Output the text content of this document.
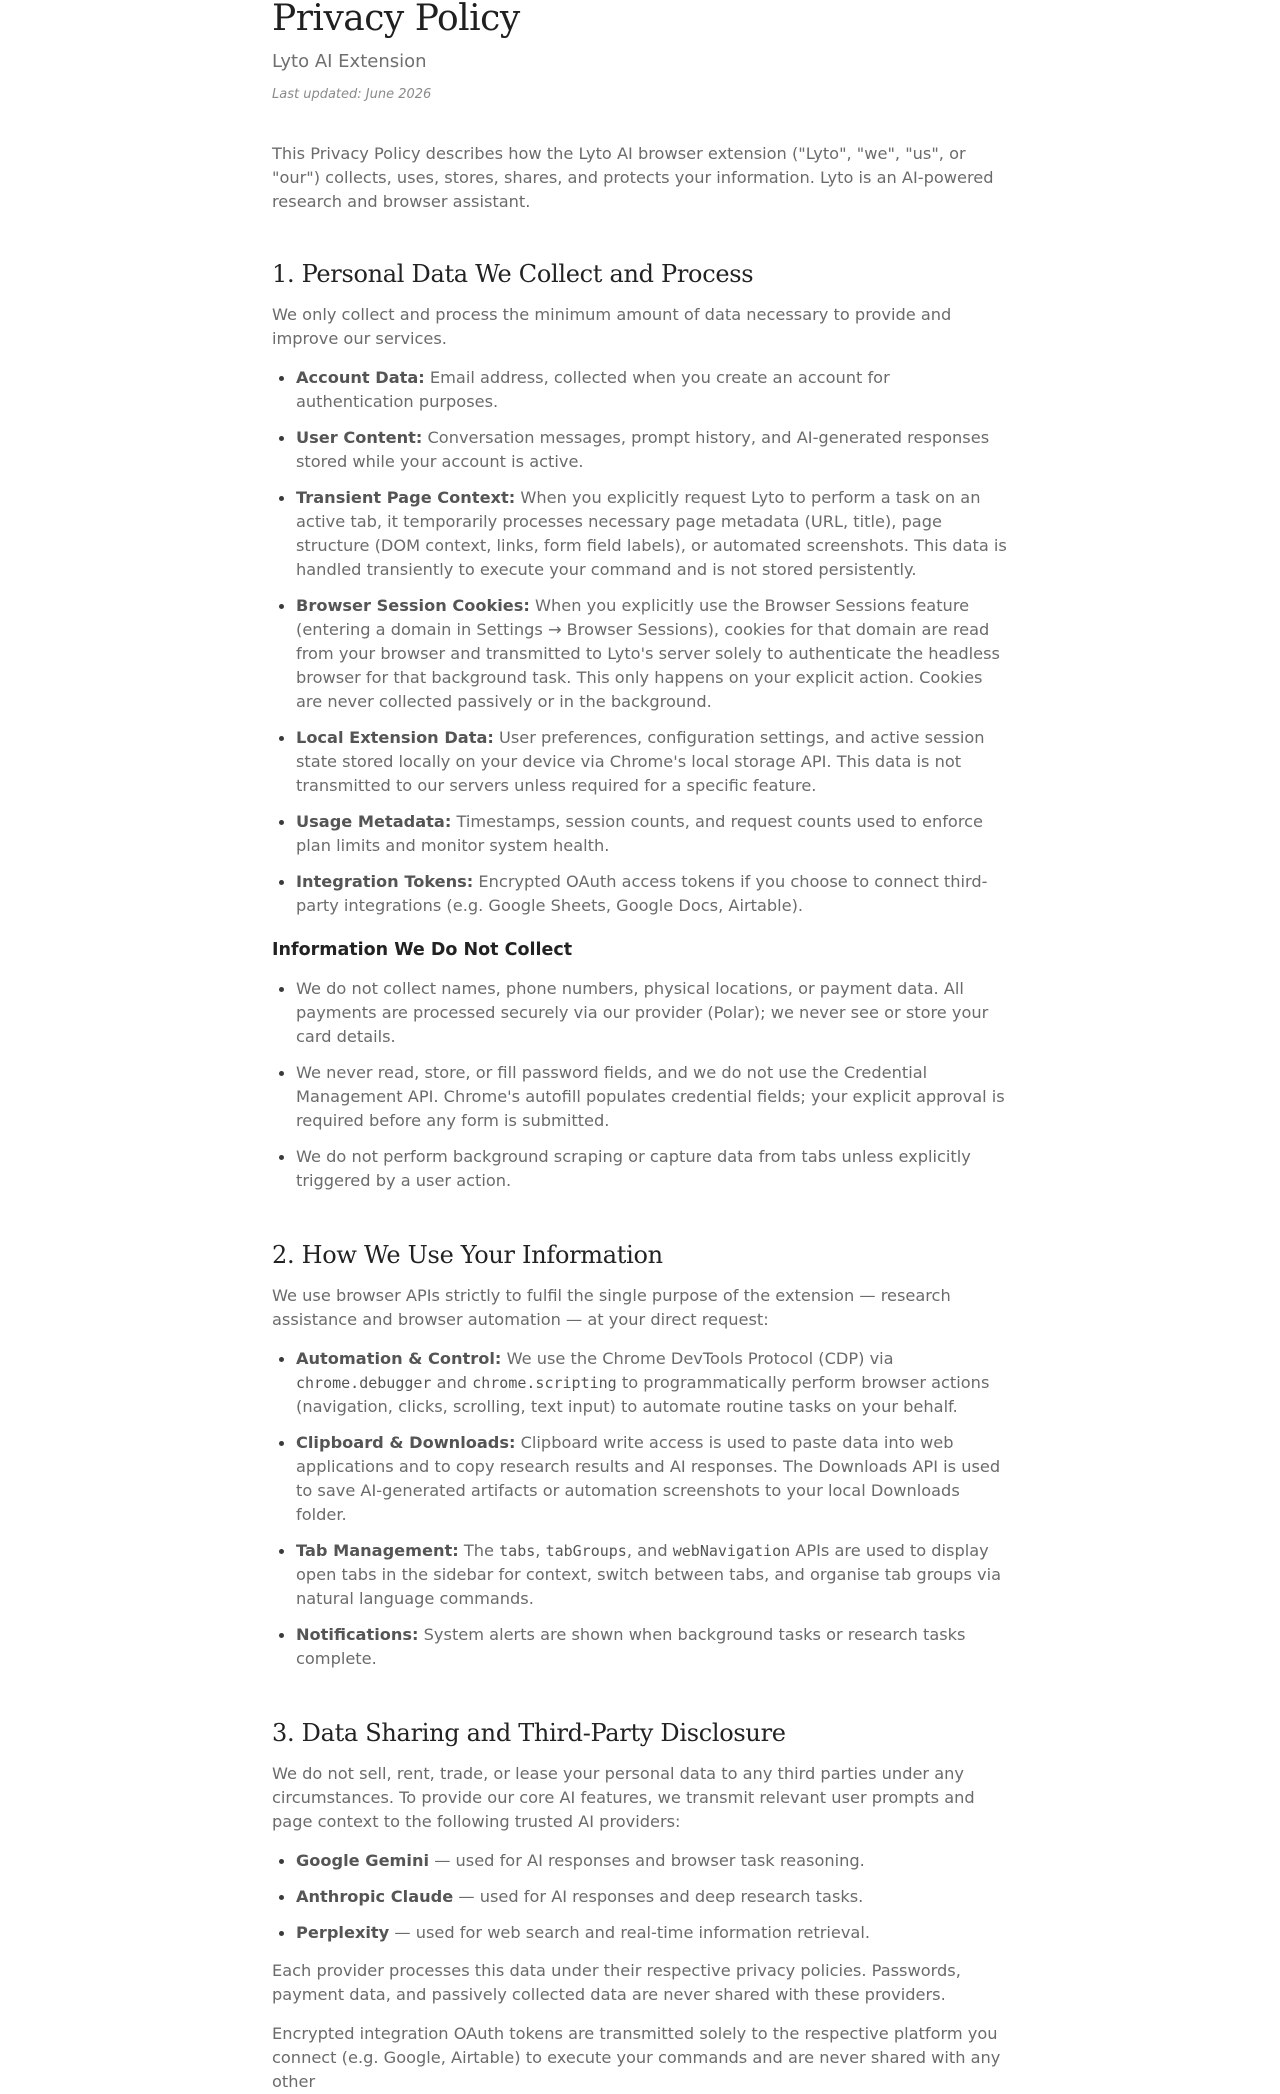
Privacy Policy

Lyto AI Extension

Last updated: June 2026

This Privacy Policy describes how the Lyto AI browser extension ("Lyto", "we", "us", or "our") collects, uses, stores, shares, and protects your information. Lyto is an AI-powered research and browser assistant.

1. Personal Data We Collect and Process

We only collect and process the minimum amount of data necessary to provide and improve our services.

Account Data: Email address, collected when you create an account for authentication purposes.
User Content: Conversation messages, prompt history, and AI-generated responses stored while your account is active.
Transient Page Context: When you explicitly request Lyto to perform a task on an active tab, it temporarily processes necessary page metadata (URL, title), page structure (DOM context, links, form field labels), or automated screenshots. This data is handled transiently to execute your command and is not stored persistently.
Browser Session Cookies: When you explicitly use the Browser Sessions feature (entering a domain in Settings → Browser Sessions), cookies for that domain are read from your browser and transmitted to Lyto's server solely to authenticate the headless browser for that background task. This only happens on your explicit action. Cookies are never collected passively or in the background.
Local Extension Data: User preferences, configuration settings, and active session state stored locally on your device via Chrome's local storage API. This data is not transmitted to our servers unless required for a specific feature.
Usage Metadata: Timestamps, session counts, and request counts used to enforce plan limits and monitor system health.
Integration Tokens: Encrypted OAuth access tokens if you choose to connect third-party integrations (e.g. Google Sheets, Google Docs, Airtable).
Information We Do Not Collect
We do not collect names, phone numbers, physical locations, or payment data. All payments are processed securely via our provider (Polar); we never see or store your card details.
We never read, store, or fill password fields, and we do not use the Credential Management API. Chrome's autofill populates credential fields; your explicit approval is required before any form is submitted.
We do not perform background scraping or capture data from tabs unless explicitly triggered by a user action.
2. How We Use Your Information

We use browser APIs strictly to fulfil the single purpose of the extension — research assistance and browser automation — at your direct request:

Automation & Control: We use the Chrome DevTools Protocol (CDP) via chrome.debugger and chrome.scripting to programmatically perform browser actions (navigation, clicks, scrolling, text input) to automate routine tasks on your behalf.
Clipboard & Downloads: Clipboard write access is used to paste data into web applications and to copy research results and AI responses. The Downloads API is used to save AI-generated artifacts or automation screenshots to your local Downloads folder.
Tab Management: The tabs, tabGroups, and webNavigation APIs are used to display open tabs in the sidebar for context, switch between tabs, and organise tab groups via natural language commands.
Notifications: System alerts are shown when background tasks or research tasks complete.
3. Data Sharing and Third-Party Disclosure

We do not sell, rent, trade, or lease your personal data to any third parties under any circumstances. To provide our core AI features, we transmit relevant user prompts and page context to the following trusted AI providers:

Google Gemini — used for AI responses and browser task reasoning.
Anthropic Claude — used for AI responses and deep research tasks.
Perplexity — used for web search and real-time information retrieval.

Each provider processes this data under their respective privacy policies. Passwords, payment data, and passively collected data are never shared with these providers.

Encrypted integration OAuth tokens are transmitted solely to the respective platform you connect (e.g. Google, Airtable) to execute your commands and are never shared with any other
